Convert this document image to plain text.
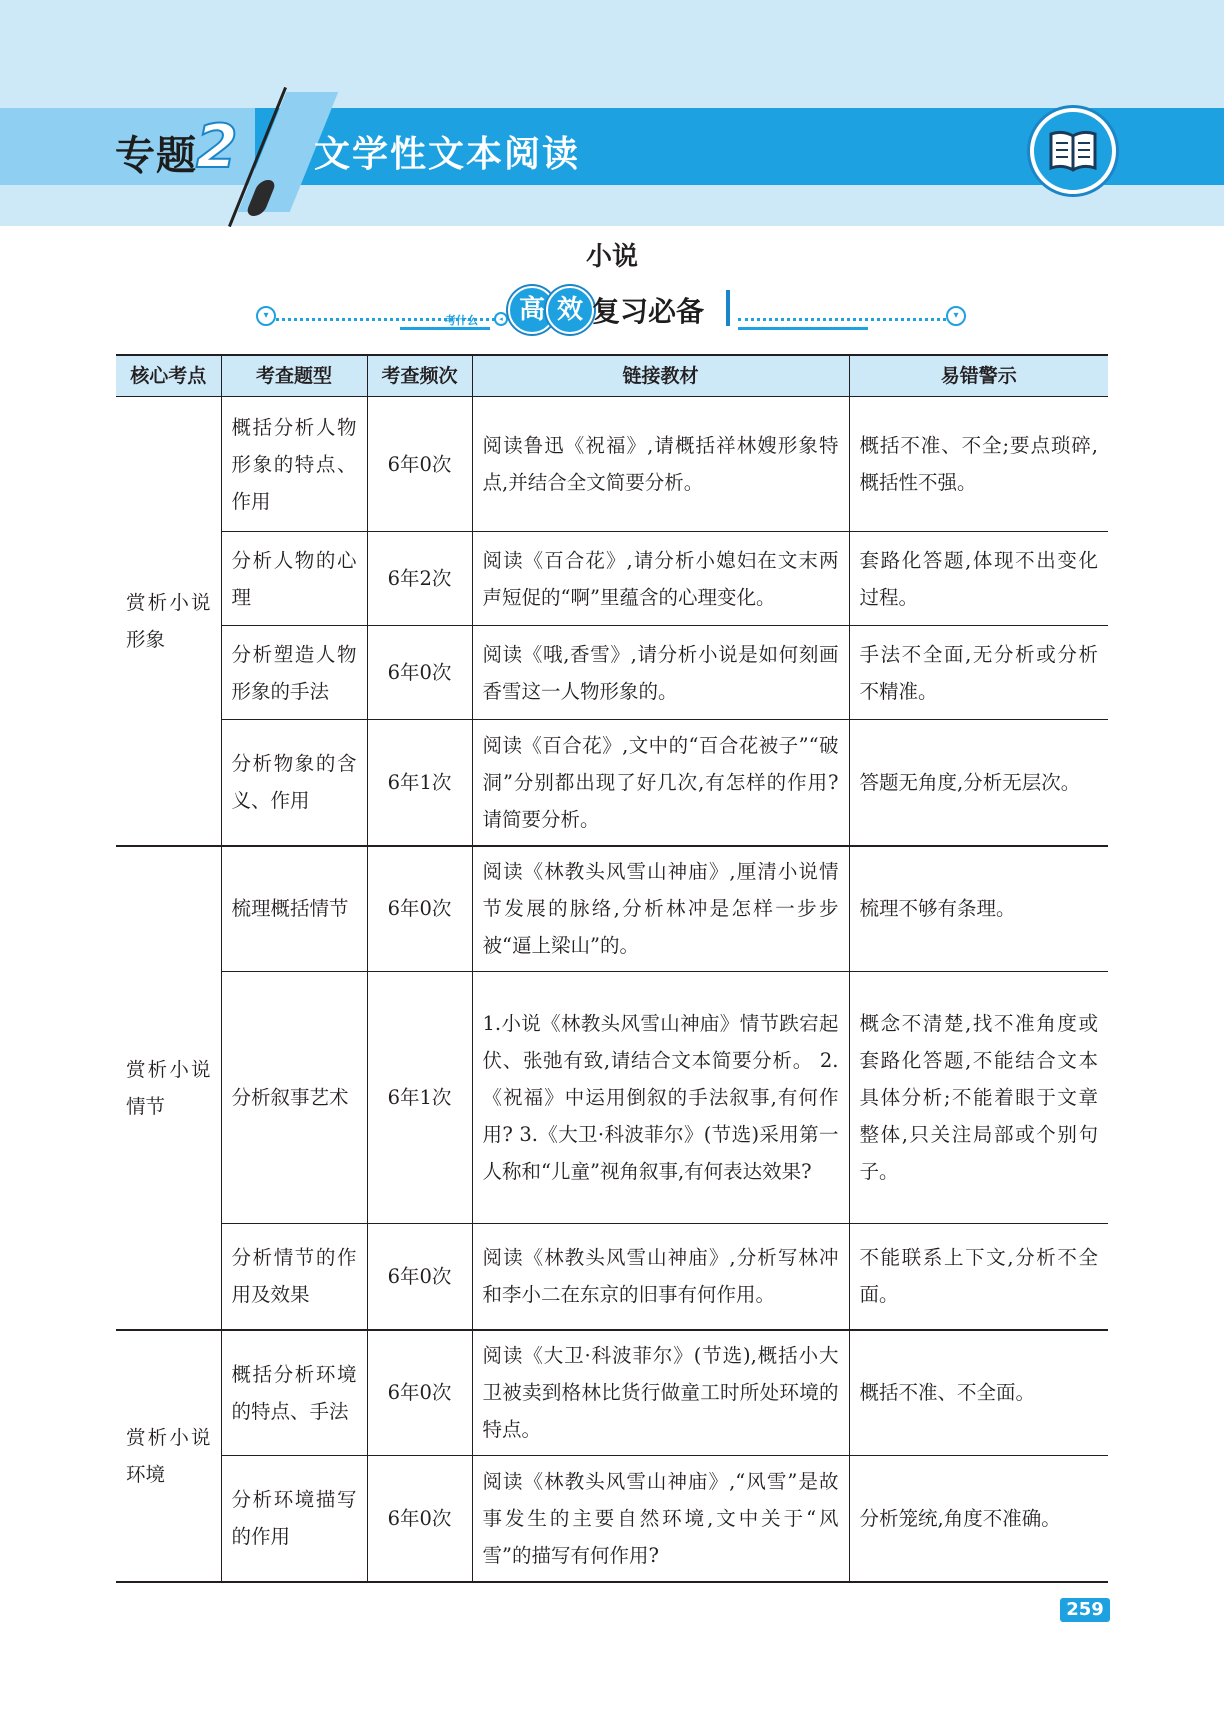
专题 2 文学性文本阅读
小说
▾	考什么	◂ 高 效 复习必备	▾
核心考点	考查题型	考查频次	链接教材	易错警示
赏析小说形象	概括分析人物形象的特点、作用	6年0次	阅读鲁迅《祝福》,请概括祥林嫂形象特点,并结合全文简要分析。	概括不准、不全;要点琐碎,概括性不强。
	分析人物的心理	6年2次	阅读《百合花》,请分析小媳妇在文末两声短促的“啊”里蕴含的心理变化。	套路化答题,体现不出变化过程。
	分析塑造人物形象的手法	6年0次	阅读《哦,香雪》,请分析小说是如何刻画香雪这一人物形象的。	手法不全面,无分析或分析不精准。
	分析物象的含义、作用	6年1次	阅读《百合花》,文中的“百合花被子”“破洞”分别都出现了好几次,有怎样的作用?请简要分析。	答题无角度,分析无层次。
赏析小说情节	梳理概括情节	6年0次	阅读《林教头风雪山神庙》,厘清小说情节发展的脉络,分析林冲是怎样一步步被“逼上梁山”的。	梳理不够有条理。
	分析叙事艺术	6年1次	1.小说《林教头风雪山神庙》情节跌宕起伏、张弛有致,请结合文本简要分析。 2.《祝福》中运用倒叙的手法叙事,有何作用? 3.《大卫·科波菲尔》(节选)采用第一人称和“儿童”视角叙事,有何表达效果?	概念不清楚,找不准角度或套路化答题,不能结合文本具体分析;不能着眼于文章整体,只关注局部或个别句子。
	分析情节的作用及效果	6年0次	阅读《林教头风雪山神庙》,分析写林冲和李小二在东京的旧事有何作用。	不能联系上下文,分析不全面。
赏析小说环境	概括分析环境的特点、手法	6年0次	阅读《大卫·科波菲尔》(节选),概括小大卫被卖到格林比货行做童工时所处环境的特点。	概括不准、不全面。
	分析环境描写的作用	6年0次	阅读《林教头风雪山神庙》,“风雪”是故事发生的主要自然环境,文中关于“风雪”的描写有何作用?	分析笼统,角度不准确。
259
